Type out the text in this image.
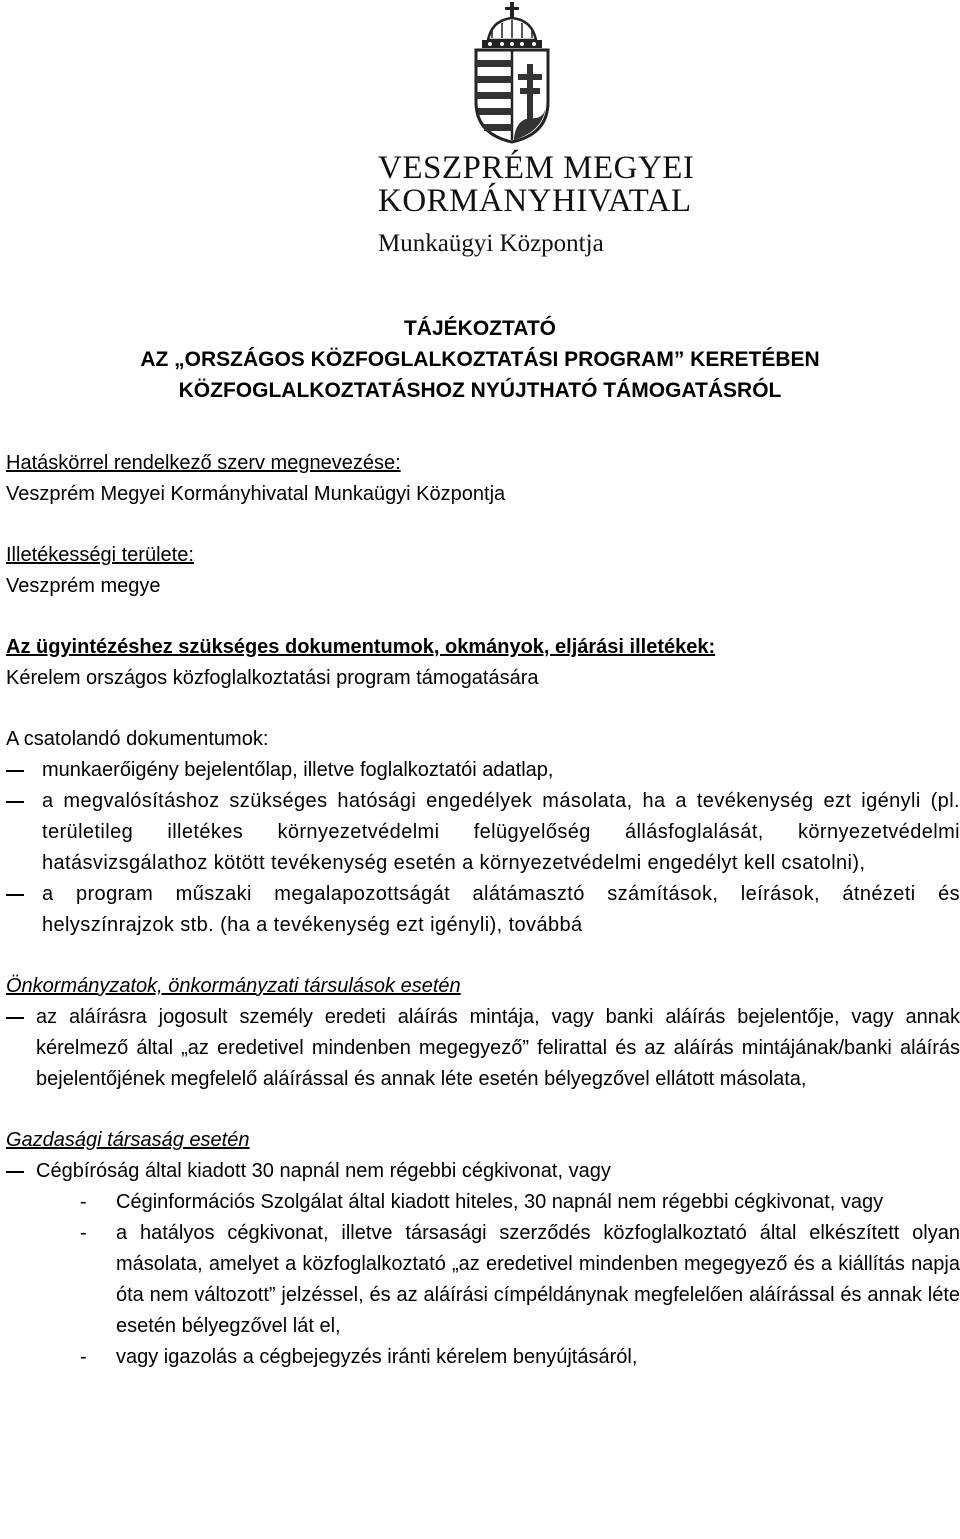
VESZPRÉM MEGYEI
KORMÁNYHIVATAL
Munkaügyi Központja
TÁJÉKOZTATÓ
AZ „ORSZÁGOS KÖZFOGLALKOZTATÁSI PROGRAM” KERETÉBEN
KÖZFOGLALKOZTATÁSHOZ NYÚJTHATÓ TÁMOGATÁSRÓL
Hatáskörrel rendelkező szerv megnevezése:
Veszprém Megyei Kormányhivatal Munkaügyi Központja
Illetékességi területe:
Veszprém megye
Az ügyintézéshez szükséges dokumentumok, okmányok, eljárási illetékek:
Kérelem országos közfoglalkoztatási program támogatására
A csatolandó dokumentumok:
munkaerőigény bejelentőlap, illetve foglalkoztatói adatlap,
a megvalósításhoz szükséges hatósági engedélyek másolata, ha a tevékenység ezt igényli (pl. területileg illetékes környezetvédelmi felügyelőség állásfoglalását, környezetvédelmi hatásvizsgálathoz kötött tevékenység esetén a környezetvédelmi engedélyt kell csatolni),
a program műszaki megalapozottságát alátámasztó számítások, leírások, átnézeti és helyszínrajzok stb. (ha a tevékenység ezt igényli), továbbá
Önkormányzatok, önkormányzati társulások esetén
az aláírásra jogosult személy eredeti aláírás mintája, vagy banki aláírás bejelentője, vagy annak kérelmező által „az eredetivel mindenben megegyező” felirattal és az aláírás mintájának/banki aláírás bejelentőjének megfelelő aláírással és annak léte esetén bélyegzővel ellátott másolata,
Gazdasági társaság esetén
Cégbíróság által kiadott 30 napnál nem régebbi cégkivonat, vagy
- Céginformációs Szolgálat által kiadott hiteles, 30 napnál nem régebbi cégkivonat, vagy
- a hatályos cégkivonat, illetve társasági szerződés közfoglalkoztató által elkészített olyan másolata, amelyet a közfoglalkoztató „az eredetivel mindenben megegyező és a kiállítás napja óta nem változott” jelzéssel, és az aláírási címpéldánynak megfelelően aláírással és annak léte esetén bélyegzővel lát el,
- vagy igazolás a cégbejegyzés iránti kérelem benyújtásáról,
